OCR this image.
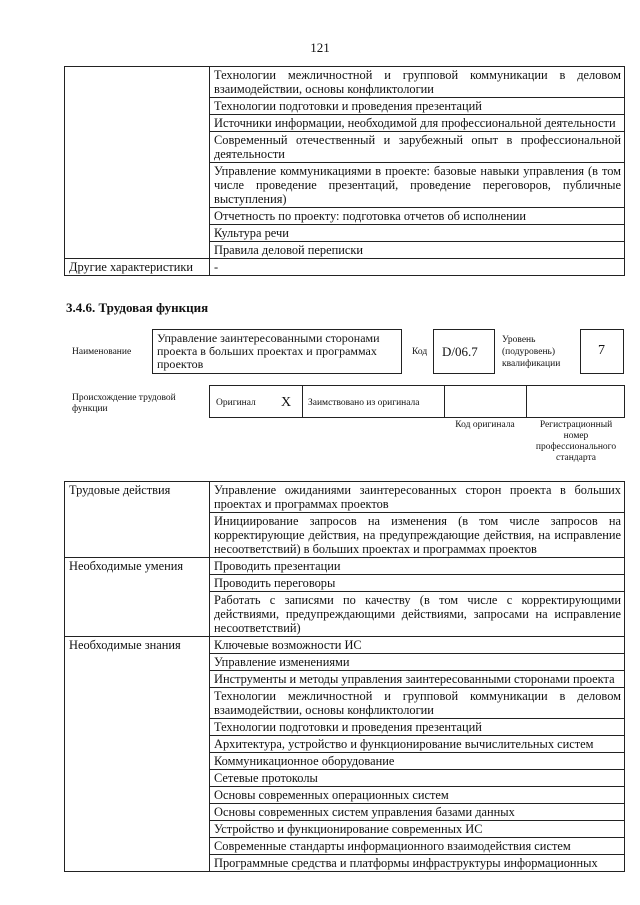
121
	Технологии межличностной и групповой коммуникации в деловом взаимодействии, основы конфликтологии
	Технологии подготовки и проведения презентаций
	Источники информации, необходимой для профессиональной деятельности
	Современный отечественный и зарубежный опыт в профессиональной деятельности
	Управление коммуникациями в проекте: базовые навыки управления (в том числе проведение презентаций, проведение переговоров, публичные выступления)
	Отчетность по проекту: подготовка отчетов об исполнении
	Культура речи
	Правила деловой переписки
Другие характеристики	-
3.4.6. Трудовая функция
Наименование
Управление заинтересованными сторонами проекта в больших проектах и программах проектов
Код D/06.7
Уровень (подуровень) квалификации
7
Происхождение трудовой функции
Оригинал X Заимствовано из оригинала
Код оригинала	Регистрационный номер профессионального стандарта
Трудовые действия	Управление ожиданиями заинтересованных сторон проекта в больших проектах и программах проектов
	Инициирование запросов на изменения (в том числе запросов на корректирующие действия, на предупреждающие действия, на исправление несоответствий) в больших проектах и программах проектов
Необходимые умения	Проводить презентации
	Проводить переговоры
	Работать с записями по качеству (в том числе с корректирующими действиями, предупреждающими действиями, запросами на исправление несоответствий)
Необходимые знания	Ключевые возможности ИС
	Управление изменениями
	Инструменты и методы управления заинтересованными сторонами проекта
	Технологии межличностной и групповой коммуникации в деловом взаимодействии, основы конфликтологии
	Технологии подготовки и проведения презентаций
	Архитектура, устройство и функционирование вычислительных систем
	Коммуникационное оборудование
	Сетевые протоколы
	Основы современных операционных систем
	Основы современных систем управления базами данных
	Устройство и функционирование современных ИС
	Современные стандарты информационного взаимодействия систем
	Программные средства и платформы инфраструктуры информационных
